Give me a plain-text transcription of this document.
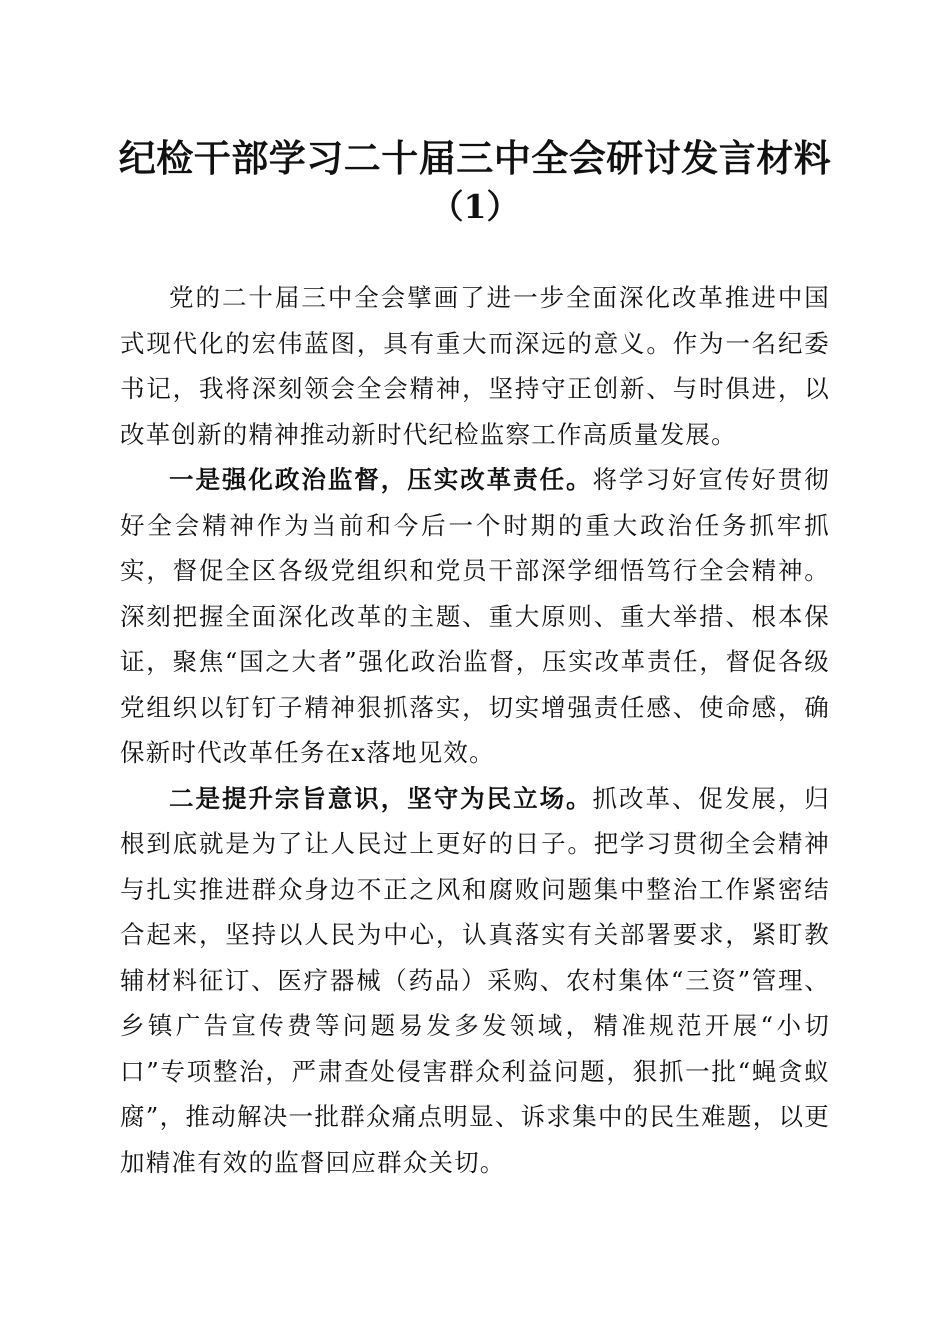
纪检干部学习二十届三中全会研讨发言材料
（1）

党的二十届三中全会擘画了进一步全面深化改革推进中国式现代化的宏伟蓝图，具有重大而深远的意义。作为一名纪委书记，我将深刻领会全会精神，坚持守正创新、与时俱进，以改革创新的精神推动新时代纪检监察工作高质量发展。

一是强化政治监督，压实改革责任。将学习好宣传好贯彻好全会精神作为当前和今后一个时期的重大政治任务抓牢抓实，督促全区各级党组织和党员干部深学细悟笃行全会精神。深刻把握全面深化改革的主题、重大原则、重大举措、根本保证，聚焦“国之大者”强化政治监督，压实改革责任，督促各级党组织以钉钉子精神狠抓落实，切实增强责任感、使命感，确保新时代改革任务在x落地见效。

二是提升宗旨意识，坚守为民立场。抓改革、促发展，归根到底就是为了让人民过上更好的日子。把学习贯彻全会精神与扎实推进群众身边不正之风和腐败问题集中整治工作紧密结合起来，坚持以人民为中心，认真落实有关部署要求，紧盯教辅材料征订、医疗器械（药品）采购、农村集体“三资”管理、乡镇广告宣传费等问题易发多发领域，精准规范开展“小切口”专项整治，严肃查处侵害群众利益问题，狠抓一批“蝇贪蚁腐”，推动解决一批群众痛点明显、诉求集中的民生难题，以更加精准有效的监督回应群众关切。
